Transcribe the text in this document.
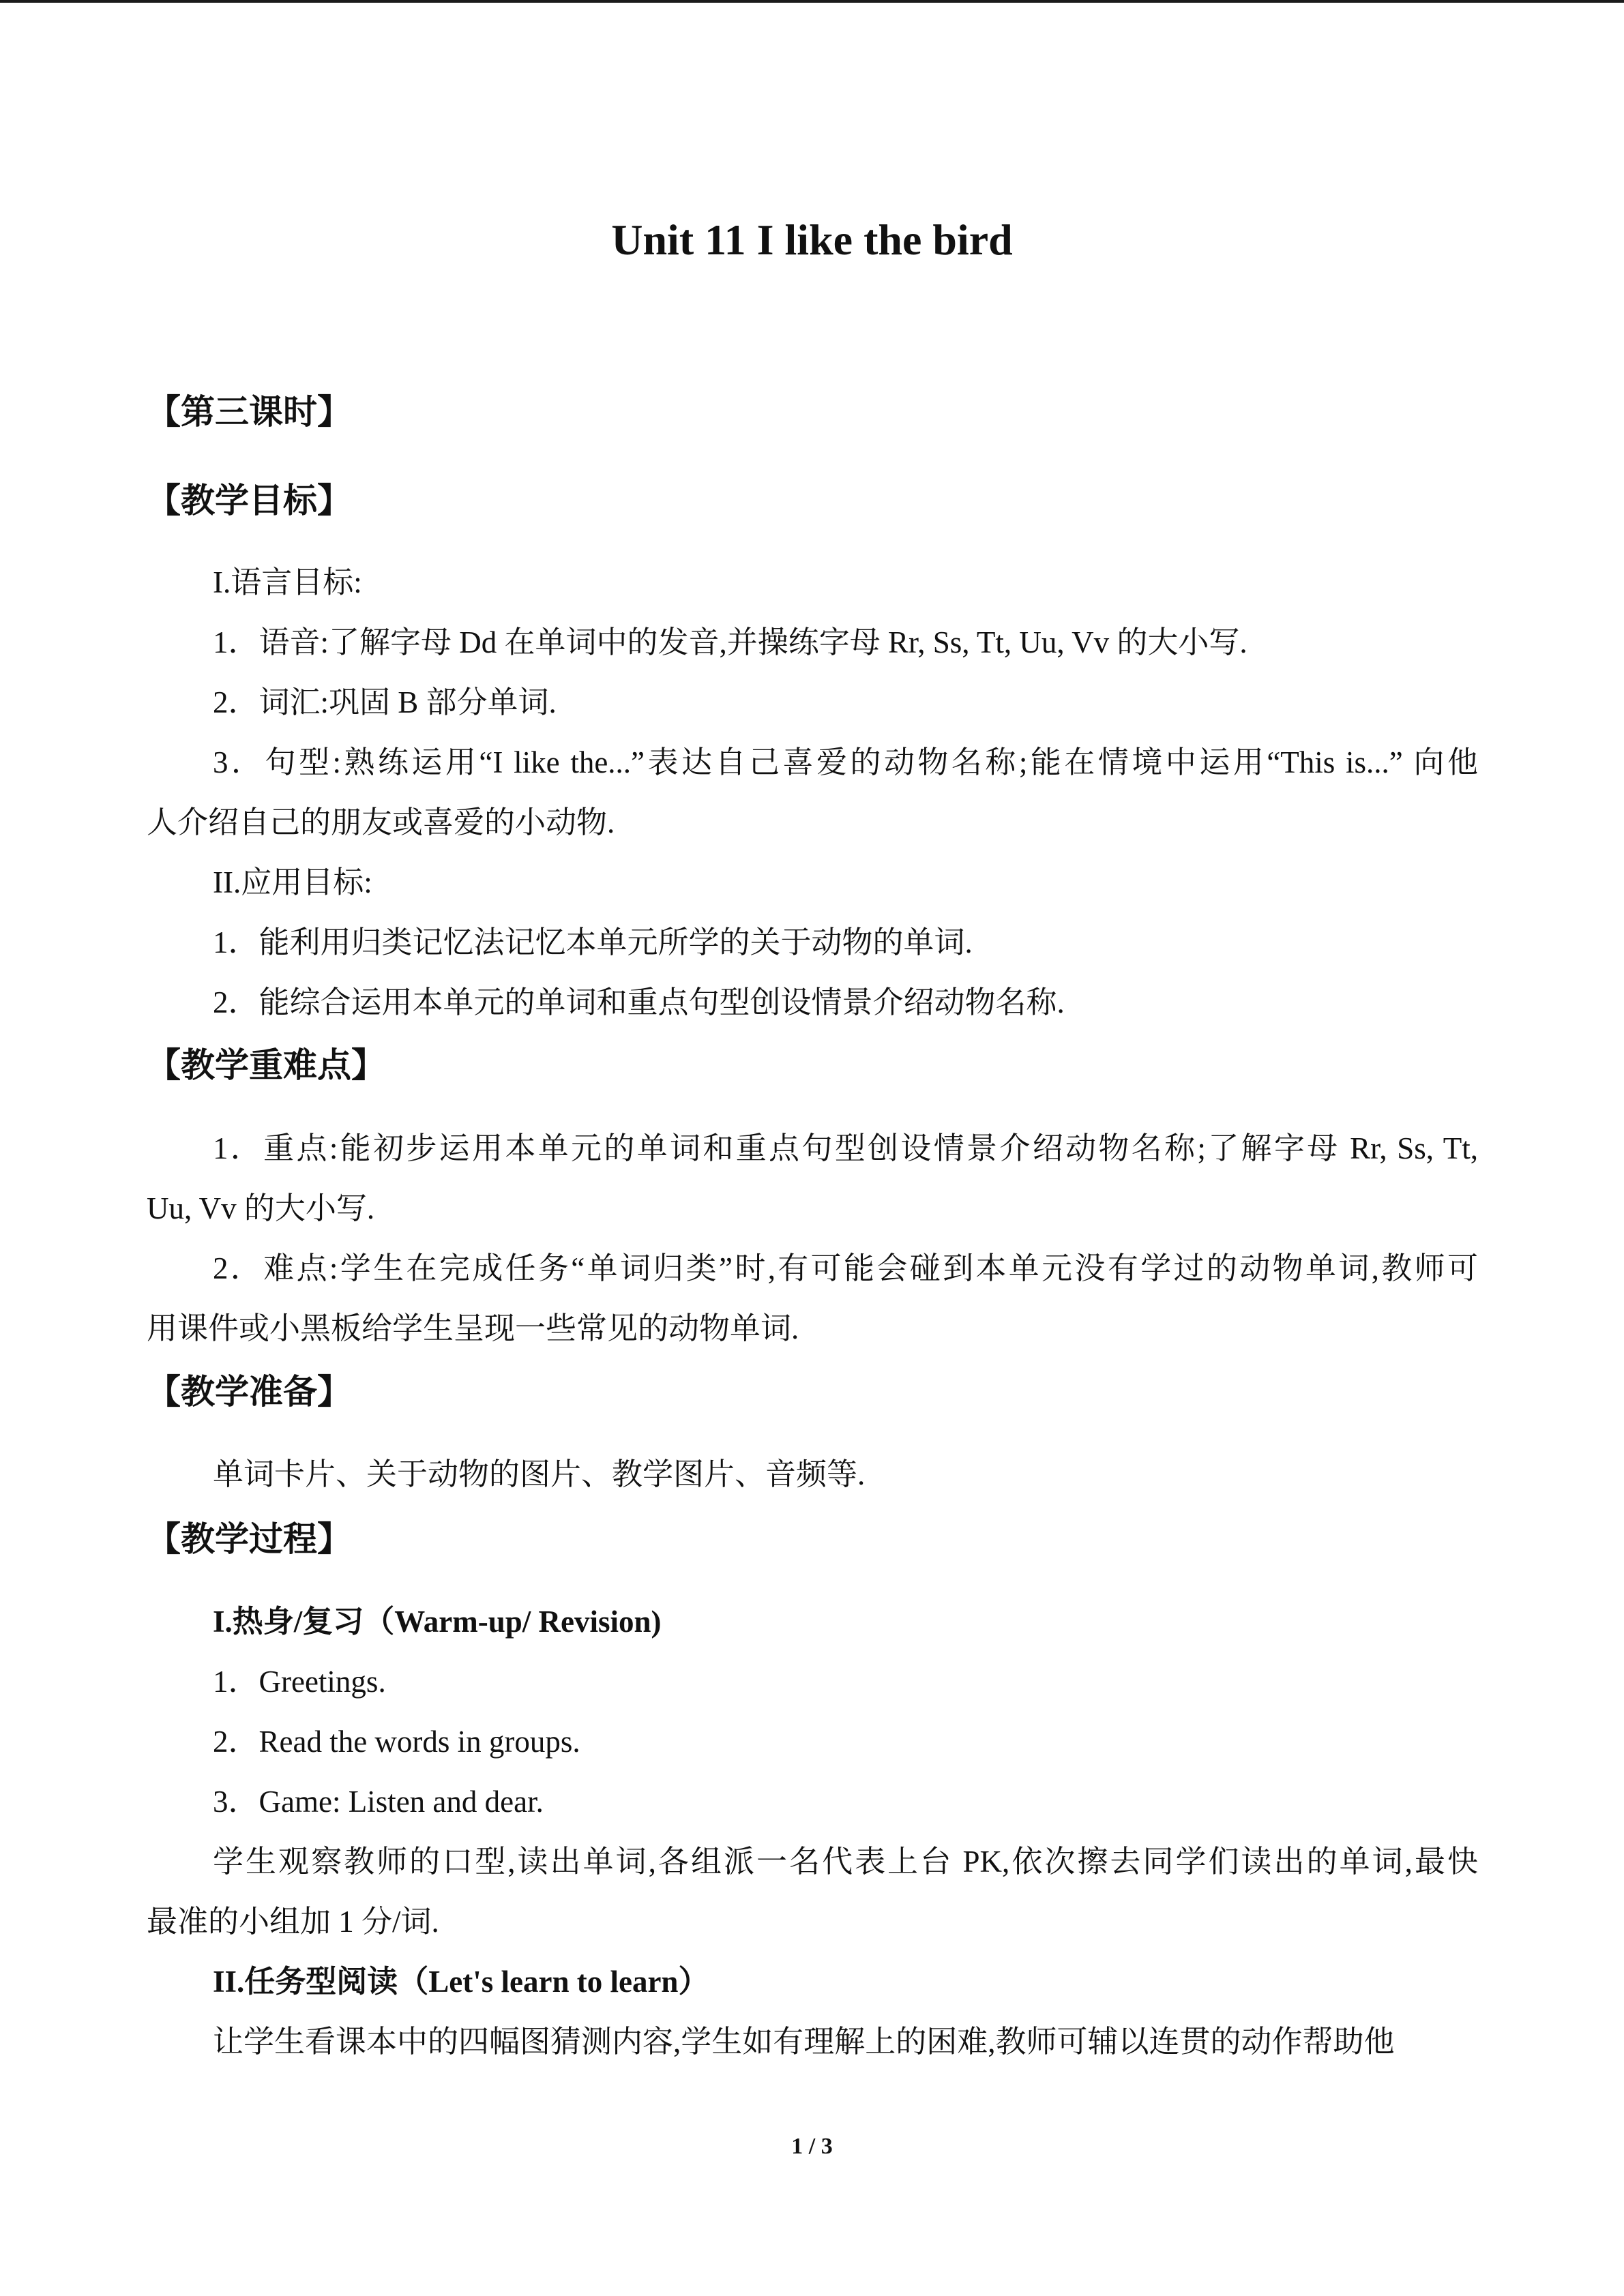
Unit 11 I like the bird
【第三课时】
【教学目标】
I.语言目标:
1．语音:了解字母 Dd 在单词中的发音,并操练字母 Rr, Ss, Tt, Uu, Vv 的大小写.
2．词汇:巩固 B 部分单词.
3．句型:熟练运用“I like the...”表达自己喜爱的动物名称;能在情境中运用“This is...” 向他
人介绍自己的朋友或喜爱的小动物.
II.应用目标:
1．能利用归类记忆法记忆本单元所学的关于动物的单词.
2．能综合运用本单元的单词和重点句型创设情景介绍动物名称.
【教学重难点】
1．重点:能初步运用本单元的单词和重点句型创设情景介绍动物名称;了解字母 Rr, Ss, Tt,
Uu, Vv 的大小写.
2．难点:学生在完成任务“单词归类”时,有可能会碰到本单元没有学过的动物单词,教师可
用课件或小黑板给学生呈现一些常见的动物单词.
【教学准备】
单词卡片、关于动物的图片、教学图片、音频等.
【教学过程】
I.热身/复习（Warm-up/ Revision)
1．Greetings.
2．Read the words in groups.
3．Game: Listen and dear.
学生观察教师的口型,读出单词,各组派一名代表上台 PK,依次擦去同学们读出的单词,最快
最准的小组加 1 分/词.
II.任务型阅读（Let's learn to learn）
让学生看课本中的四幅图猜测内容,学生如有理解上的困难,教师可辅以连贯的动作帮助他
1 / 3
